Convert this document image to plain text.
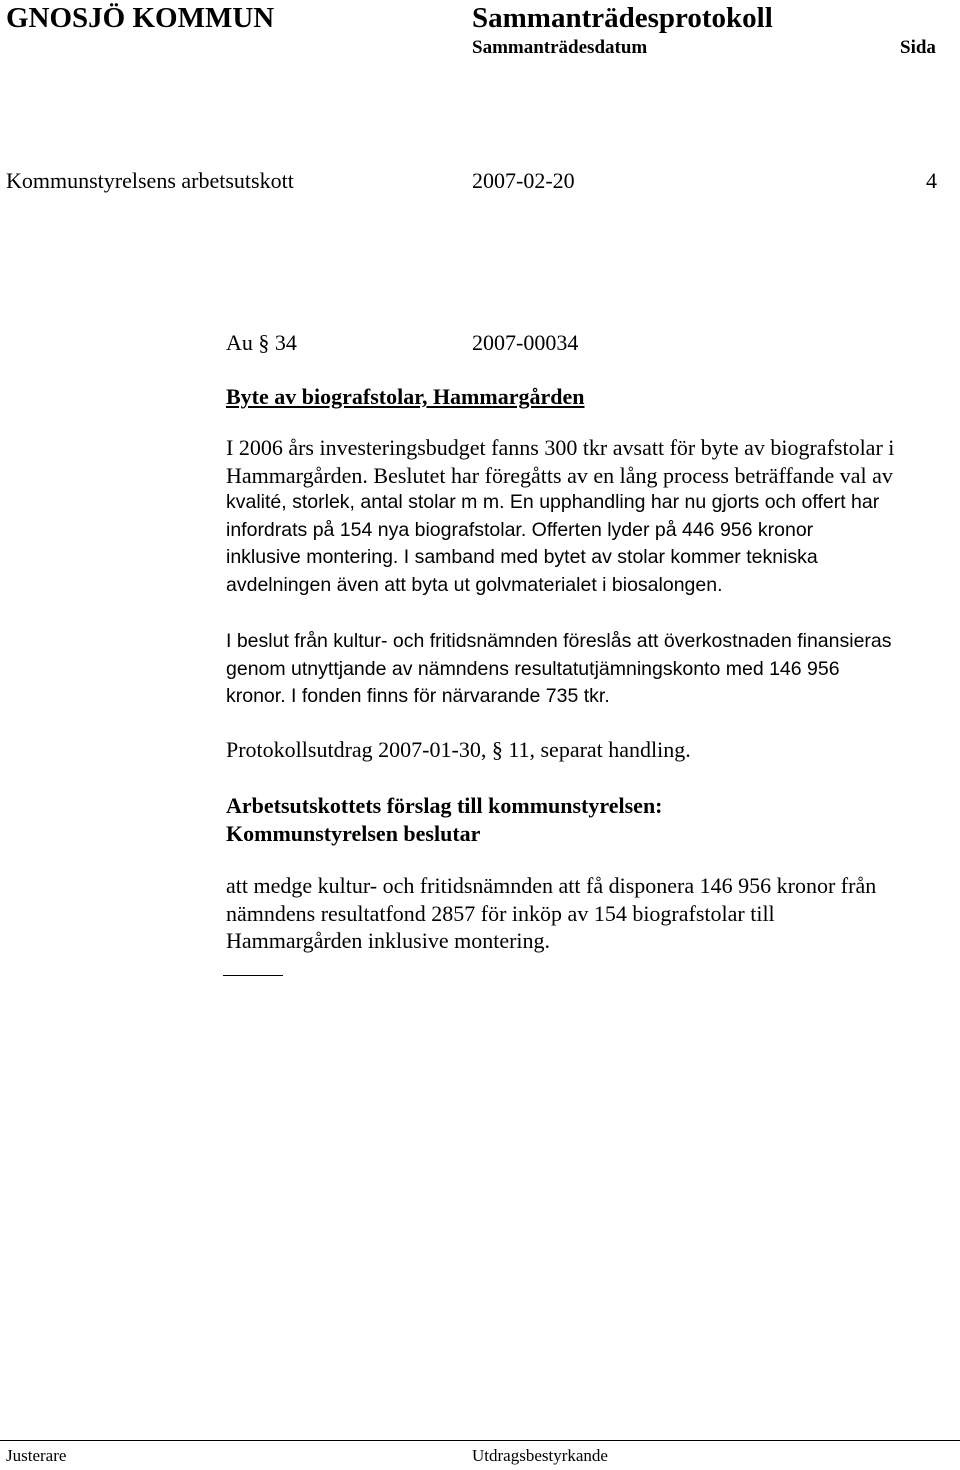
GNOSJÖ KOMMUN	Sammanträdesprotokoll
Sammanträdesdatum	Sida
Kommunstyrelsens arbetsutskott	2007-02-20	4
Au § 34	2007-00034
Byte av biografstolar, Hammargården
I 2006 års investeringsbudget fanns 300 tkr avsatt för byte av biografstolar i
Hammargården. Beslutet har föregåtts av en lång process beträffande val av
kvalité, storlek, antal stolar m m. En upphandling har nu gjorts och offert har
infordrats på 154 nya biografstolar. Offerten lyder på 446 956 kronor
inklusive montering. I samband med bytet av stolar kommer tekniska
avdelningen även att byta ut golvmaterialet i biosalongen.
I beslut från kultur- och fritidsnämnden föreslås att överkostnaden finansieras
genom utnyttjande av nämndens resultatutjämningskonto med 146 956
kronor. I fonden finns för närvarande 735 tkr.
Protokollsutdrag 2007-01-30, § 11, separat handling.
Arbetsutskottets förslag till kommunstyrelsen:
Kommunstyrelsen beslutar
att medge kultur- och fritidsnämnden att få disponera 146 956 kronor från
nämndens resultatfond 2857 för inköp av 154 biografstolar till
Hammargården inklusive montering.
Justerare	Utdragsbestyrkande
